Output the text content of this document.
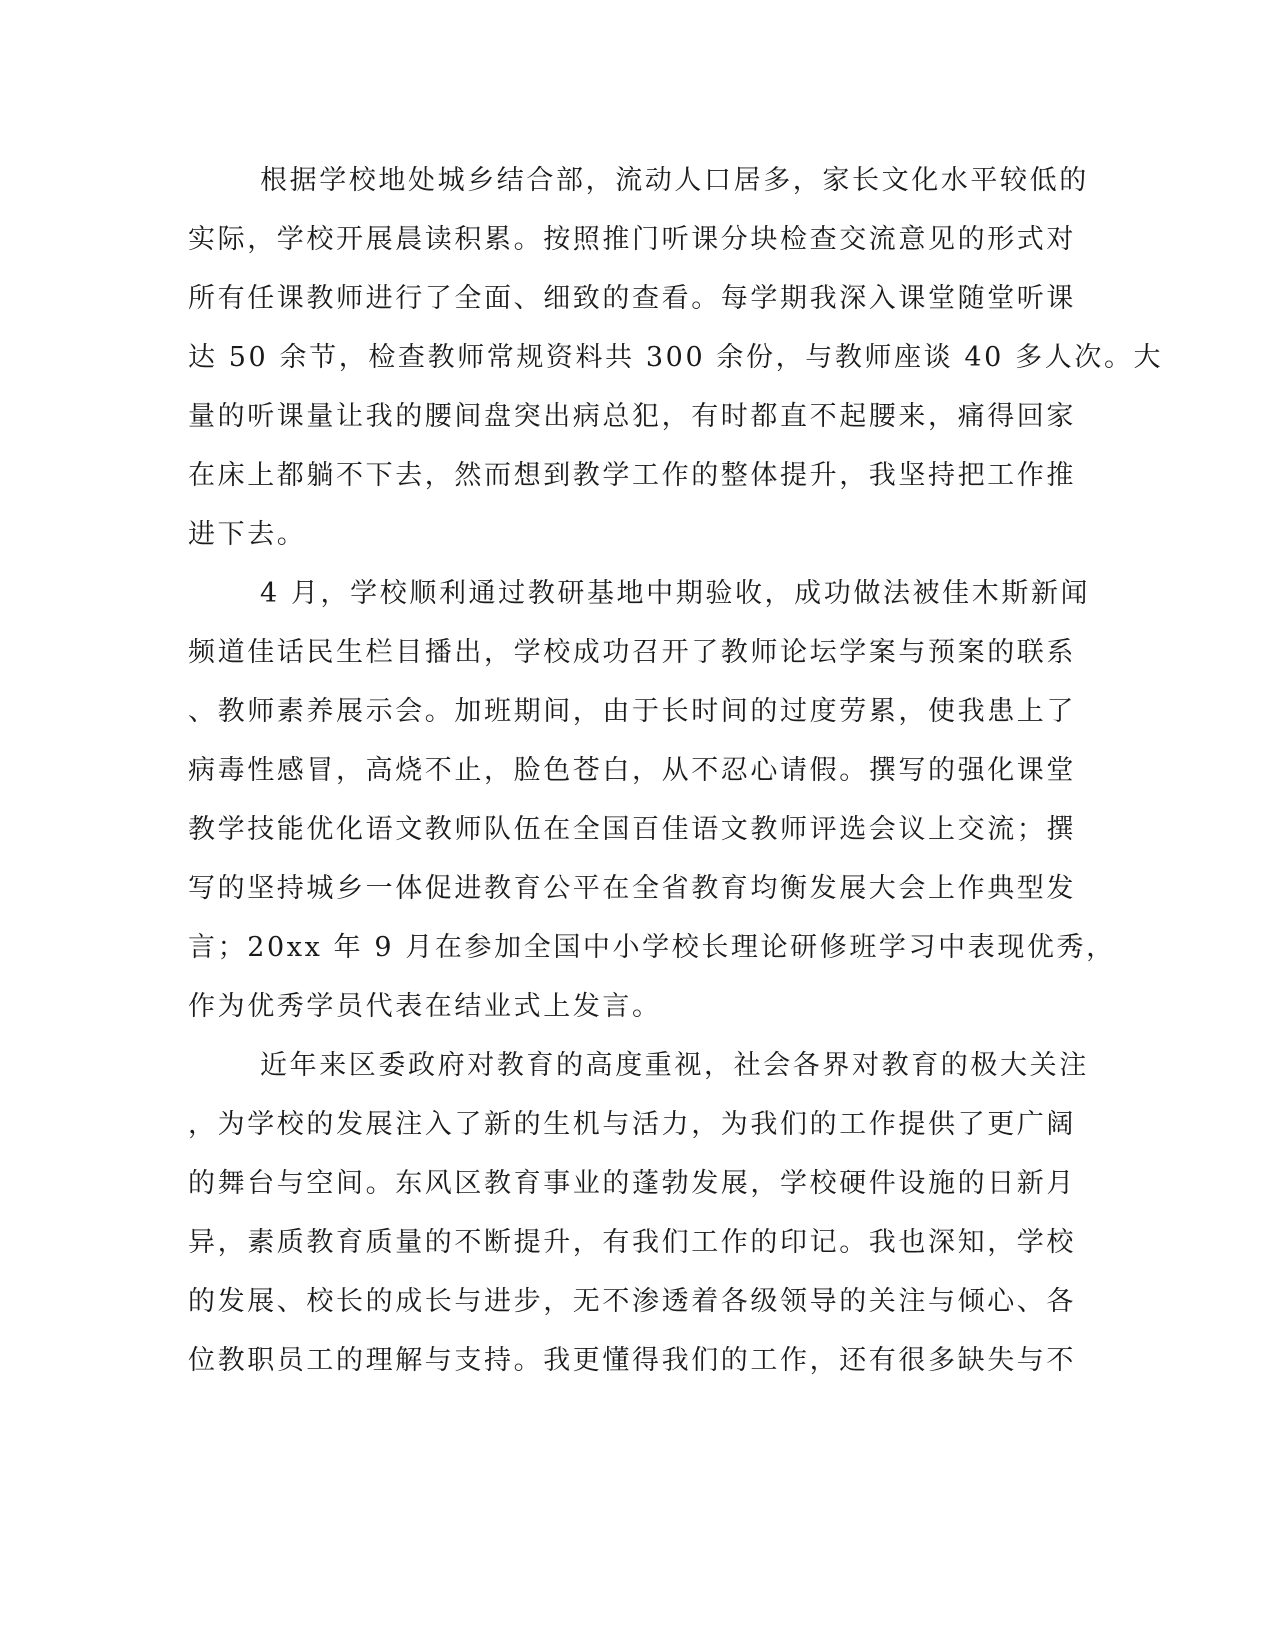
根据学校地处城乡结合部，流动人口居多，家长文化水平较低的
实际，学校开展晨读积累。按照推门听课分块检查交流意见的形式对
所有任课教师进行了全面、细致的查看。每学期我深入课堂随堂听课
达 50 余节，检查教师常规资料共 300 余份，与教师座谈 40 多人次。大
量的听课量让我的腰间盘突出病总犯，有时都直不起腰来，痛得回家
在床上都躺不下去，然而想到教学工作的整体提升，我坚持把工作推
进下去。
4 月，学校顺利通过教研基地中期验收，成功做法被佳木斯新闻
频道佳话民生栏目播出，学校成功召开了教师论坛学案与预案的联系
、教师素养展示会。加班期间，由于长时间的过度劳累，使我患上了
病毒性感冒，高烧不止，脸色苍白，从不忍心请假。撰写的强化课堂
教学技能优化语文教师队伍在全国百佳语文教师评选会议上交流；撰
写的坚持城乡一体促进教育公平在全省教育均衡发展大会上作典型发
言；20xx 年 9 月在参加全国中小学校长理论研修班学习中表现优秀，
作为优秀学员代表在结业式上发言。
近年来区委政府对教育的高度重视，社会各界对教育的极大关注
，为学校的发展注入了新的生机与活力，为我们的工作提供了更广阔
的舞台与空间。东风区教育事业的蓬勃发展，学校硬件设施的日新月
异，素质教育质量的不断提升，有我们工作的印记。我也深知，学校
的发展、校长的成长与进步，无不渗透着各级领导的关注与倾心、各
位教职员工的理解与支持。我更懂得我们的工作，还有很多缺失与不
